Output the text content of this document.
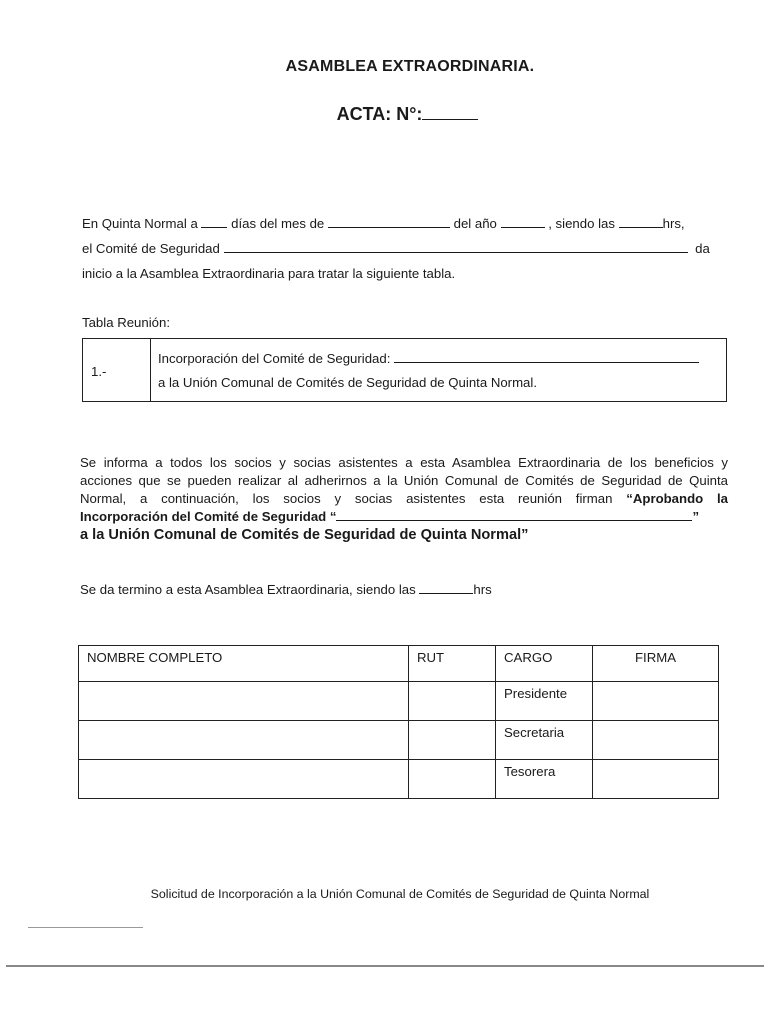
ASAMBLEA EXTRAORDINARIA.
ACTA: N°:
En Quinta Normal a	días del mes de	del año	, siendo las	hrs,
el Comité de Seguridad	da
inicio a la Asamblea Extraordinaria para tratar la siguiente tabla.
Tabla Reunión:
1.-	
Incorporación del Comité de Seguridad:
a la Unión Comunal de Comités de Seguridad de Quinta Normal.
Se informa a todos los socios y socias asistentes a esta Asamblea Extraordinaria de los beneficios y
acciones que se pueden realizar al adherirnos a la Unión Comunal de Comités de Seguridad de Quinta
Normal, a continuación, los socios y socias asistentes esta reunión firman “Aprobando la
Incorporación del Comité de Seguridad “	”
a la Unión Comunal de Comités de Seguridad de Quinta Normal”
Se da termino a esta Asamblea Extraordinaria, siendo las	hrs
NOMBRE COMPLETO	RUT	CARGO	FIRMA
		Presidente	
		Secretaria	
		Tesorera	
Solicitud de Incorporación a la Unión Comunal de Comités de Seguridad de Quinta Normal
